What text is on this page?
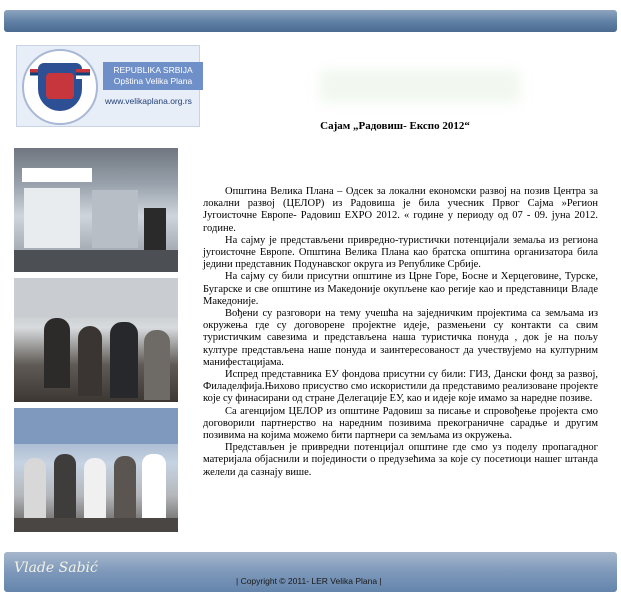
REPUBLIKA SRBIJA
Opština Velika Plana
www.velikaplana.org.rs
Сајам „Радовиш- Експо 2012“

Општина Велика Плана – Одсек за локални економски развој на позив Центра за локални развој (ЦЕЛОР) из Радовиша је била учесник Првог Сајма »Регион Југоисточне Европе- Радовиш EXPO 2012. « године у периоду од 07 - 09. јуна 2012. године.

На сајму је представљени привредно-туристички потенцијали земаља из региона југоисточне Европе. Општина Велика Плана као братска општина организатора била једини представник Подунавског округа из Републике Србије.

На сајму су били присутни општине из Црне Горе, Босне и Херцеговине, Турске, Бугарске и све општине из Македоније окупљене као регије као и представници Владе Македоније.

Вођени су разговори на тему учешћа на заједничким пројектима са земљама из окружења где су договорене пројектне идеје, размењени су контакти са свим туристичким савезима и представљена наша туристичка понуда , док је на пољу културе представљена наше понуда и заинтересованост да учествујемо на културним манифестацијама.

Испред представника ЕУ фондова присутни су били: ГИЗ, Дански фонд за развој, Филаделфија.Њихово присуство смо искористили да представимо реализоване пројекте које су финасирани од стране Делегације ЕУ, као и идеје које имамо за наредне позиве.

Са агенцијом ЦЕЛОР из општине Радовиш за писање и спровођење пројекта смо договорили партнерство на наредним позивима прекограничне сарадње и другим позивима на којима можемо бити партнери са земљама из окружења.

Представљен је привредни потенцијал општине где смо уз поделу пропагадног материјала објаснили и појединости о предузећима за које су посетиоци нашег штанда желели да сазнају више.

Vlade Sabić
| Copyright © 2011- LER Velika Plana |
